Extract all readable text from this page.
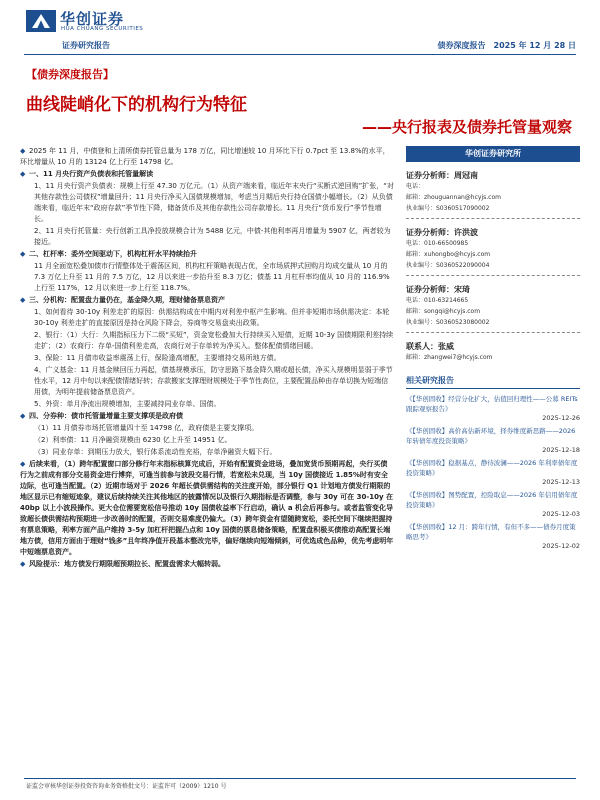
华创证券
HUA CHUANG SECURITIES
证券研究报告	债券深度报告　2025 年 12 月 28 日
【债券深度报告】
曲线陡峭化下的机构行为特征
——央行报表及债券托管量观察

◆ 2025 年 11 月，中债登和上清所债券托管总量为 178 万亿，同比增速较 10 月环比下行 0.7pct 至 13.8%的水平，环比增量从 10 月的 13124 亿上行至 14798 亿。

◆ 一、11 月央行资产负债表和托管量解读

1、11 月央行资产负债表：规模上行至 47.30 万亿元。（1）从资产端来看，临近年末央行“买断式逆回购”扩张，“对其他存款性公司债权”增量回升；11 月央行净买入国债规模增加，考虑当月期后央行持仓国债小幅增长。（2）从负债端来看，临近年末“政府存款”季节性下降，储备货币及其他存款性公司存款增长。11 月央行“货币发行”季节性增长。

2、11 月央行托管量：央行创新工具净投放规模合计为 5488 亿元，中债-其他利率再月增量为 5907 亿，两者较为接近。

◆ 二、杠杆率：委外空间驱动下，机构杠杆水平持续抬升

11 月全面宽松叠加债市行情整体处于震荡区间，机构杠杆策略表现占优，全市场质押式回购月均成交量从 10 月的 7.3 万亿上升至 11 月的 7.5 万亿，12 月以来进一步抬升至 8.3 万亿；债基 11 月杠杆率均值从 10 月的 116.9%上行至 117%，12 月以来进一步上行至 118.7%。

◆ 三、分机构：配置盘力量仍在，基金降久期，理财储备票息资产

1、如何看待 30-10y 利差走扩的原因：供需结构成在中期内对利差中枢产生影响。但并非短期市场供需决定：本轮 30-10y 利差走扩的直接原因是持仓风险下降会，券商等交易盘卖出政策。

2、银行：（1）大行：久期指标压力下二级“买短”，资金宽松叠加大行持续买入短债，近期 10-3y 国债期限利差持续走扩；（2）农商行：存单-国债利差走高，农商行对于存单转为净买入。整体配债情绪回暖。

3、保险：11 月债市收益率震荡上行，保险逢高增配，主要增持交易所地方债。

4、广义基金：11 月基金赎回压力再起，债基规模承压，防守思路下基金降久期或超长债，净买入规模明显弱于季节性水平，12 月中旬以来配债情绪好转；存款搬家支撑理财规模处于季节性高位，主要配置品种由存单切换为短端信用债，为明年提前储备票息资产。

5、外资：单月净流出规模增加，主要减持同业存单、国债。

◆ 四、分券种：债市托管量增量主要支撑项是政府债

（1）11 月债券市场托管增量四十至 14798 亿，政府债是主要支撑项。

（2）利率债：11 月净融资规模由 6230 亿上升至 14951 亿。

（3）同业存单：到期压力放大，银行体系流动性充裕，存单净融资大幅下行。

◆ 后续来看，（1）跨年配置窗口部分修行年末指标核算完成后，开始有配置资金进场，叠加宽货币预期再起，央行买债行为之前成有部分交易资金进行博弈，可逢当前参与波段交易行情，若宽松未兑现，当 10y 国债接近 1.85%时有安全边际，也可逢当配置。（2）近期市场对于 2026 年超长债供需结构的关注度开始，部分银行 Q1 计划地方债发行期限的地区显示已有缩短迹象，建议后续持续关注其他地区的披露情况以及银行久期指标是否调整，参与 30y 可在 30-10y 在 40bp 以上小波段操作。更大仓位需要宽松信号推动 10y 国债收益率下行启动，确认 a 机会后再参与。或者监管变化导致超长债供需结构预期进一步改善时的配置，否则交易难度仍偏大。（3）跨年资金有望随跨宽松，委托空间下继续把握持有票息策略，利率方面产品户维持 3-5y 加杠杆把握凸点和 10y 国债的票息储备策略，配置盘积极买债推动高配置长端地方债，信用方面由于理财“钱多”且年终净值开段基本整改完毕，偏好继续向短端倾斜，可优选成色品种，优先考虑明年中短端票息资产。

◆ 风险提示：地方债发行期限超预期拉长、配置盘需求大幅转弱。

华创证券研究所
证券分析师：周冠南
电话：
邮箱：zhouguannan@hcyjs.com
执业编号：S0360517090002
证券分析师：许洪波
电话：010-66500985
邮箱：xuhongbo@hcyjs.com
执业编号：S0360522090004
证券分析师：宋琦
电话：010-63214665
邮箱：songqi@hcyjs.com
执业编号：S0360523080002
联系人：张威
邮箱：zhangwei7@hcyjs.com
相关研究报告
《【华创固收】经营分化扩大，估值回归理性——公募 REITs 跟踪观察报告》
2025-12-26
《【华创固收】高价高估新环境，择券维度新思路——2026 年转债年度投资策略》
2025-12-18
《【华创固收】稳据基点，静待波澜——2026 年利率债年度投资策略》
2025-12-13
《【华创固收】图势配置，控险取息——2026 年信用债年度投资策略》
2025-12-03
《【华创固收】12 月：跨年行情，有但不多——债券月度策略思考》
2025-12-02
证监会审核华创证券投资咨询业务资格批文号：证监许可（2009）1210 号
